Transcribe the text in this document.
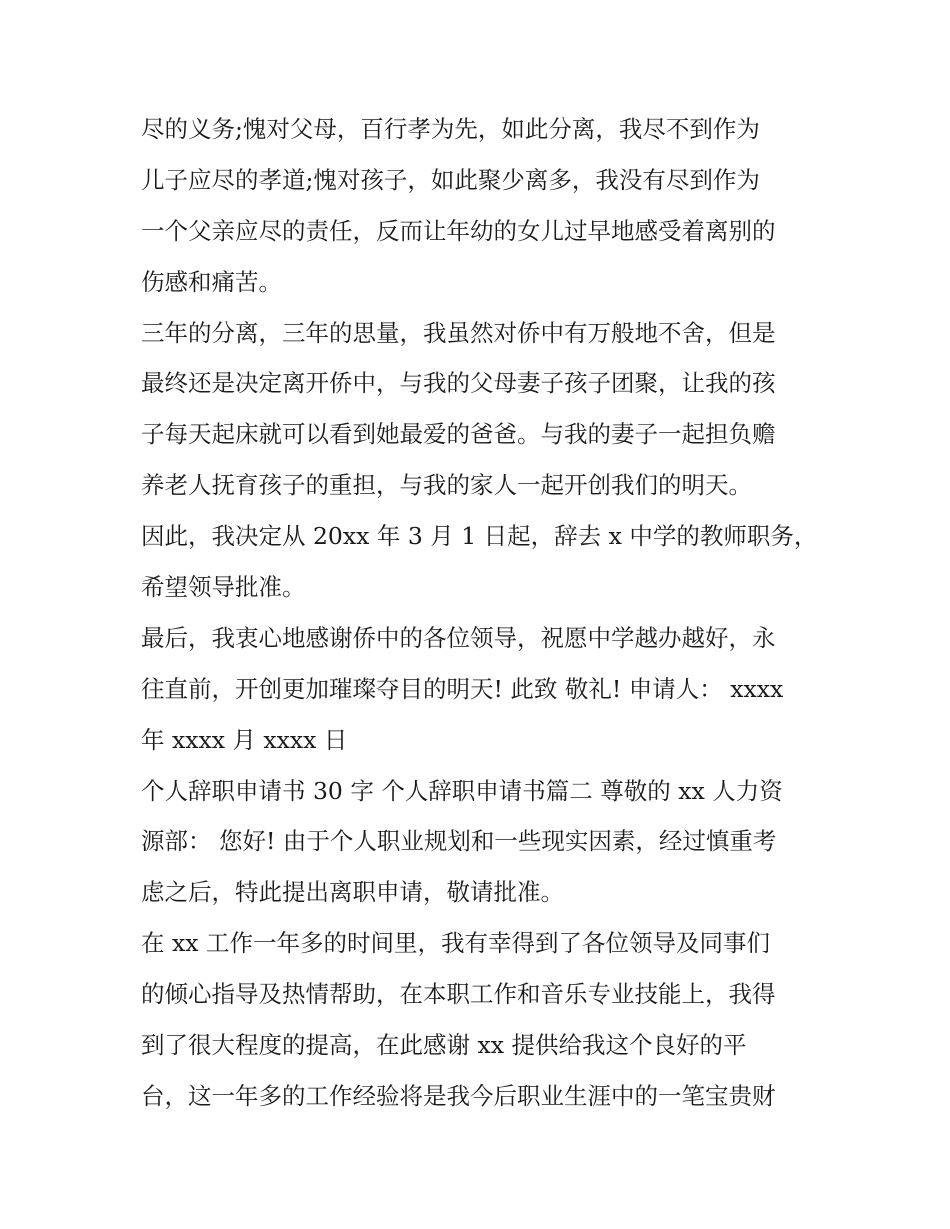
尽的义务;愧对父母，百行孝为先，如此分离，我尽不到作为
儿子应尽的孝道;愧对孩子，如此聚少离多，我没有尽到作为
一个父亲应尽的责任，反而让年幼的女儿过早地感受着离别的
伤感和痛苦。
三年的分离，三年的思量，我虽然对侨中有万般地不舍，但是
最终还是决定离开侨中，与我的父母妻子孩子团聚，让我的孩
子每天起床就可以看到她最爱的爸爸。与我的妻子一起担负赡
养老人抚育孩子的重担，与我的家人一起开创我们的明天。
因此，我决定从 20xx 年 3 月 1 日起，辞去 x 中学的教师职务，
希望领导批准。
最后，我衷心地感谢侨中的各位领导，祝愿中学越办越好，永
往直前，开创更加璀璨夺目的明天! 此致 敬礼! 申请人： xxxx
年 xxxx 月 xxxx 日
个人辞职申请书 30 字 个人辞职申请书篇二 尊敬的 xx 人力资
源部： 您好! 由于个人职业规划和一些现实因素，经过慎重考
虑之后，特此提出离职申请，敬请批准。
在 xx 工作一年多的时间里，我有幸得到了各位领导及同事们
的倾心指导及热情帮助，在本职工作和音乐专业技能上，我得
到了很大程度的提高，在此感谢 xx 提供给我这个良好的平
台，这一年多的工作经验将是我今后职业生涯中的一笔宝贵财
